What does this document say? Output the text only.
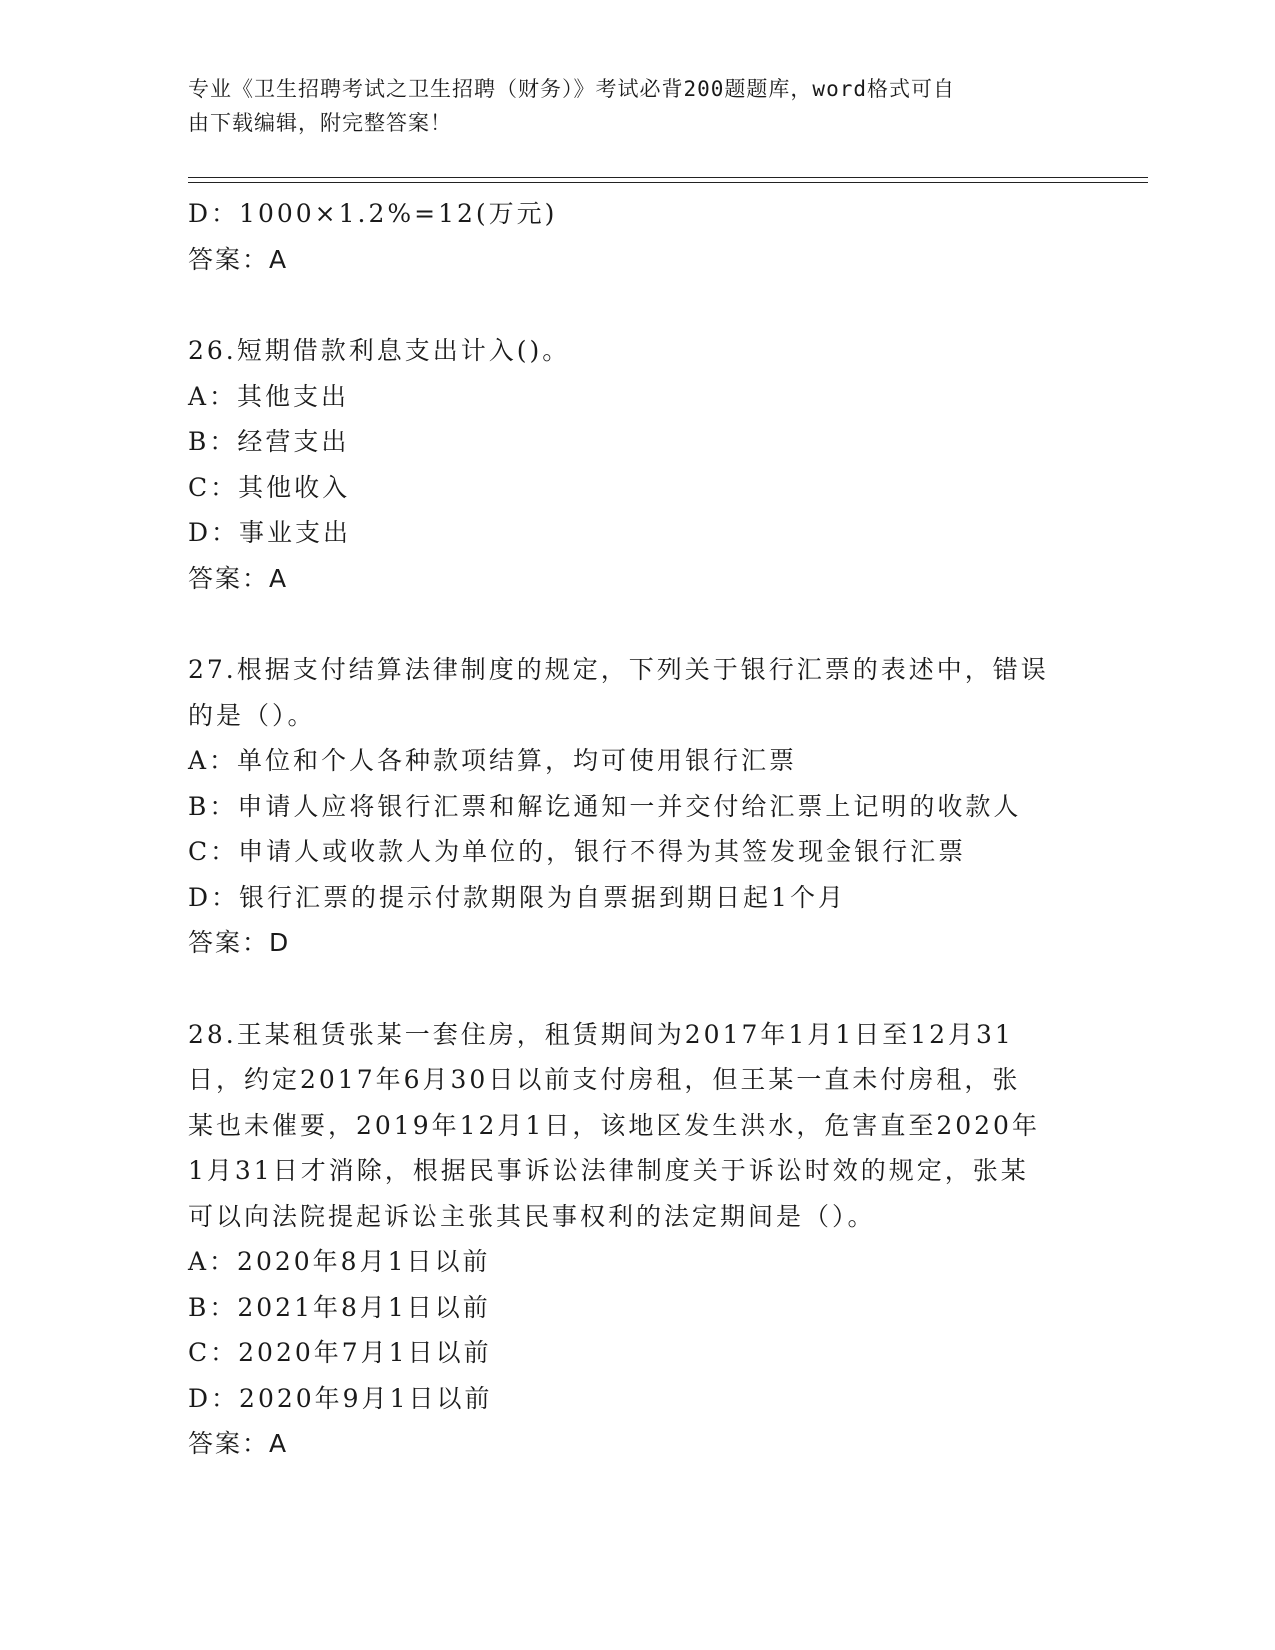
专业《卫生招聘考试之卫生招聘（财务）》考试必背200题题库，word格式可自
由下载编辑，附完整答案！
D：1000×1.2%=12(万元)
答案：A
26.短期借款利息支出计入()。
A：其他支出
B：经营支出
C：其他收入
D：事业支出
答案：A
27.根据支付结算法律制度的规定，下列关于银行汇票的表述中，错误
的是（）。
A：单位和个人各种款项结算，均可使用银行汇票
B：申请人应将银行汇票和解讫通知一并交付给汇票上记明的收款人
C：申请人或收款人为单位的，银行不得为其签发现金银行汇票
D：银行汇票的提示付款期限为自票据到期日起1个月
答案：D
28.王某租赁张某一套住房，租赁期间为2017年1月1日至12月31
日，约定2017年6月30日以前支付房租，但王某一直未付房租，张
某也未催要，2019年12月1日，该地区发生洪水，危害直至2020年
1月31日才消除，根据民事诉讼法律制度关于诉讼时效的规定，张某
可以向法院提起诉讼主张其民事权利的法定期间是（）。
A：2020年8月1日以前
B：2021年8月1日以前
C：2020年7月1日以前
D：2020年9月1日以前
答案：A
